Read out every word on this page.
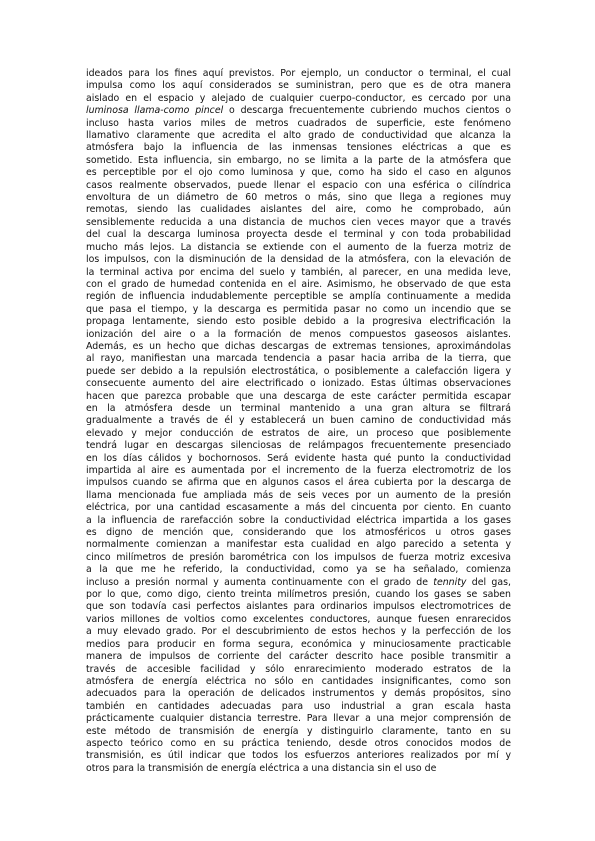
ideados para los fines aquí previstos. Por ejemplo, un conductor o terminal, el cual
impulsa como los aquí considerados se suministran, pero que es de otra manera
aislado en el espacio y alejado de cualquier cuerpo-conductor, es cercado por una
luminosa llama-como pincel o descarga frecuentemente cubriendo muchos cientos o
incluso hasta varios miles de metros cuadrados de superficie, este fenómeno
llamativo claramente que acredita el alto grado de conductividad que alcanza la
atmósfera bajo la influencia de las inmensas tensiones eléctricas a que es
sometido. Esta influencia, sin embargo, no se limita a la parte de la atmósfera que
es perceptible por el ojo como luminosa y que, como ha sido el caso en algunos
casos realmente observados, puede llenar el espacio con una esférica o cilíndrica
envoltura de un diámetro de 60 metros o más, sino que llega a regiones muy
remotas, siendo las cualidades aislantes del aire, como he comprobado, aún
sensiblemente reducida a una distancia de muchos cien veces mayor que a través
del cual la descarga luminosa proyecta desde el terminal y con toda probabilidad
mucho más lejos. La distancia se extiende con el aumento de la fuerza motriz de
los impulsos, con la disminución de la densidad de la atmósfera, con la elevación de
la terminal activa por encima del suelo y también, al parecer, en una medida leve,
con el grado de humedad contenida en el aire. Asimismo, he observado de que esta
región de influencia indudablemente perceptible se amplía continuamente a medida
que pasa el tiempo, y la descarga es permitida pasar no como un incendio que se
propaga lentamente, siendo esto posible debido a la progresiva electrificación la
ionización del aire o a la formación de menos compuestos gaseosos aislantes.
Además, es un hecho que dichas descargas de extremas tensiones, aproximándolas
al rayo, manifiestan una marcada tendencia a pasar hacia arriba de la tierra, que
puede ser debido a la repulsión electrostática, o posiblemente a calefacción ligera y
consecuente aumento del aire electrificado o ionizado. Estas últimas observaciones
hacen que parezca probable que una descarga de este carácter permitida escapar
en la atmósfera desde un terminal mantenido a una gran altura se filtrará
gradualmente a través de él y establecerá un buen camino de conductividad más
elevado y mejor conducción de estratos de aire, un proceso que posiblemente
tendrá lugar en descargas silenciosas de relámpagos frecuentemente presenciado
en los días cálidos y bochornosos. Será evidente hasta qué punto la conductividad
impartida al aire es aumentada por el incremento de la fuerza electromotriz de los
impulsos cuando se afirma que en algunos casos el área cubierta por la descarga de
llama mencionada fue ampliada más de seis veces por un aumento de la presión
eléctrica, por una cantidad escasamente a más del cincuenta por ciento. En cuanto
a la influencia de rarefacción sobre la conductividad eléctrica impartida a los gases
es digno de mención que, considerando que los atmosféricos u otros gases
normalmente comienzan a manifestar esta cualidad en algo parecido a setenta y
cinco milímetros de presión barométrica con los impulsos de fuerza motriz excesiva
a la que me he referido, la conductividad, como ya se ha señalado, comienza
incluso a presión normal y aumenta continuamente con el grado de tennity del gas,
por lo que, como digo, ciento treinta milímetros presión, cuando los gases se saben
que son todavía casi perfectos aislantes para ordinarios impulsos electromotrices de
varios millones de voltios como excelentes conductores, aunque fuesen enrarecidos
a muy elevado grado. Por el descubrimiento de estos hechos y la perfección de los
medios para producir en forma segura, económica y minuciosamente practicable
manera de impulsos de corriente del carácter descrito hace posible transmitir a
través de accesible facilidad y sólo enrarecimiento moderado estratos de la
atmósfera de energía eléctrica no sólo en cantidades insignificantes, como son
adecuados para la operación de delicados instrumentos y demás propósitos, sino
también en cantidades adecuadas para uso industrial a gran escala hasta
prácticamente cualquier distancia terrestre. Para llevar a una mejor comprensión de
este método de transmisión de energía y distinguirlo claramente, tanto en su
aspecto teórico como en su práctica teniendo, desde otros conocidos modos de
transmisión, es útil indicar que todos los esfuerzos anteriores realizados por mí y
otros para la transmisión de energía eléctrica a una distancia sin el uso de
